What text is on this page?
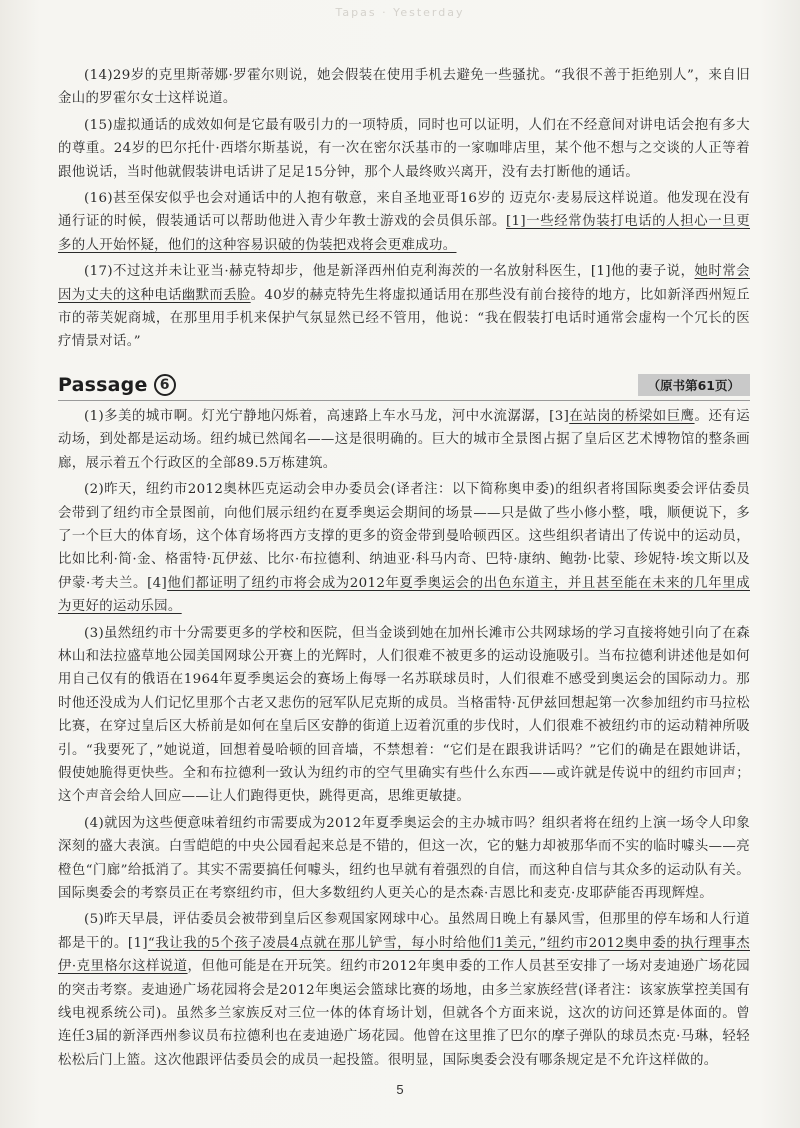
Tapas · Yesterday

(14)29岁的克里斯蒂娜·罗霍尔则说，她会假装在使用手机去避免一些骚扰。“我很不善于拒绝别人”，来自旧金山的罗霍尔女士这样说道。

(15)虚拟通话的成效如何是它最有吸引力的一项特质，同时也可以证明，人们在不经意间对讲电话会抱有多大的尊重。24岁的巴尔托什·西塔尔斯基说，有一次在密尔沃基市的一家咖啡店里，某个他不想与之交谈的人正等着跟他说话，当时他就假装讲电话讲了足足15分钟，那个人最终败兴离开，没有去打断他的通话。

(16)甚至保安似乎也会对通话中的人抱有敬意，来自圣地亚哥16岁的 迈克尔·麦易辰这样说道。他发现在没有通行证的时候，假装通话可以帮助他进入青少年教士游戏的会员俱乐部。[1]一些经常伪装打电话的人担心一旦更多的人开始怀疑，他们的这种容易识破的伪装把戏将会更难成功。

(17)不过这并未让亚当·赫克特却步，他是新泽西州伯克利海茨的一名放射科医生，[1]他的妻子说，她时常会因为丈夫的这种电话幽默而丢脸。40岁的赫克特先生将虚拟通话用在那些没有前台接待的地方，比如新泽西州短丘市的蒂芙妮商城，在那里用手机来保护气氛显然已经不管用，他说：“我在假装打电话时通常会虚构一个冗长的医疗情景对话。”

Passage 6	（原书第61页）

(1)多美的城市啊。灯光宁静地闪烁着，高速路上车水马龙，河中水流潺潺，[3]在站岗的桥梁如巨鹰。还有运动场，到处都是运动场。纽约城已然闻名——这是很明确的。巨大的城市全景图占据了皇后区艺术博物馆的整条画廊，展示着五个行政区的全部89.5万栋建筑。

(2)昨天，纽约市2012奥林匹克运动会申办委员会(译者注：以下简称奥申委)的组织者将国际奥委会评估委员会带到了纽约市全景图前，向他们展示纽约在夏季奥运会期间的场景——只是做了些小修小整，哦，顺便说下，多了一个巨大的体育场，这个体育场将西方支撑的更多的资金带到曼哈顿西区。这些组织者请出了传说中的运动员，比如比利·简·金、格雷特·瓦伊兹、比尔·布拉德利、纳迪亚·科马内奇、巴特·康纳、鲍勃·比蒙、珍妮特·埃文斯以及伊蒙·考夫兰。[4]他们都证明了纽约市将会成为2012年夏季奥运会的出色东道主，并且甚至能在未来的几年里成为更好的运动乐园。

(3)虽然纽约市十分需要更多的学校和医院，但当金谈到她在加州长滩市公共网球场的学习直接将她引向了在森林山和法拉盛草地公园美国网球公开赛上的光辉时，人们很难不被更多的运动设施吸引。当布拉德利讲述他是如何用自己仅有的俄语在1964年夏季奥运会的赛场上侮辱一名苏联球员时，人们很难不感受到奥运会的国际动力。那时他还没成为人们记忆里那个古老又悲伤的冠军队尼克斯的成员。当格雷特·瓦伊兹回想起第一次参加纽约市马拉松比赛，在穿过皇后区大桥前是如何在皇后区安静的街道上迈着沉重的步伐时，人们很难不被纽约市的运动精神所吸引。“我要死了，”她说道，回想着曼哈顿的回音墙，不禁想着：“它们是在跟我讲话吗？”它们的确是在跟她讲话，假使她脆得更快些。全和布拉德利一致认为纽约市的空气里确实有些什么东西——或许就是传说中的纽约市回声；这个声音会给人回应——让人们跑得更快，跳得更高，思维更敏捷。

(4)就因为这些便意味着纽约市需要成为2012年夏季奥运会的主办城市吗？组织者将在纽约上演一场令人印象深刻的盛大表演。白雪皑皑的中央公园看起来总是不错的，但这一次，它的魅力却被那华而不实的临时噱头——亮橙色“门廊”给抵消了。其实不需要搞任何噱头，纽约也早就有着强烈的自信，而这种自信与其众多的运动队有关。国际奥委会的考察员正在考察纽约市，但大多数纽约人更关心的是杰森·吉恩比和麦克·皮耶萨能否再现辉煌。

(5)昨天早晨，评估委员会被带到皇后区参观国家网球中心。虽然周日晚上有暴风雪，但那里的停车场和人行道都是干的。[1]“我让我的5个孩子凌晨4点就在那儿铲雪，每小时给他们1美元，”纽约市2012奥申委的执行理事杰伊·克里格尔这样说道，但他可能是在开玩笑。纽约市2012年奥申委的工作人员甚至安排了一场对麦迪逊广场花园的突击考察。麦迪逊广场花园将会是2012年奥运会篮球比赛的场地，由多兰家族经营(译者注：该家族掌控美国有线电视系统公司)。虽然多兰家族反对三位一体的体育场计划，但就各个方面来说，这次的访问还算是体面的。曾连任3届的新泽西州参议员布拉德利也在麦迪逊广场花园。他曾在这里推了巴尔的摩子弹队的球员杰克·马琳，轻轻松松后门上篮。这次他跟评估委员会的成员一起投篮。很明显，国际奥委会没有哪条规定是不允许这样做的。

5
